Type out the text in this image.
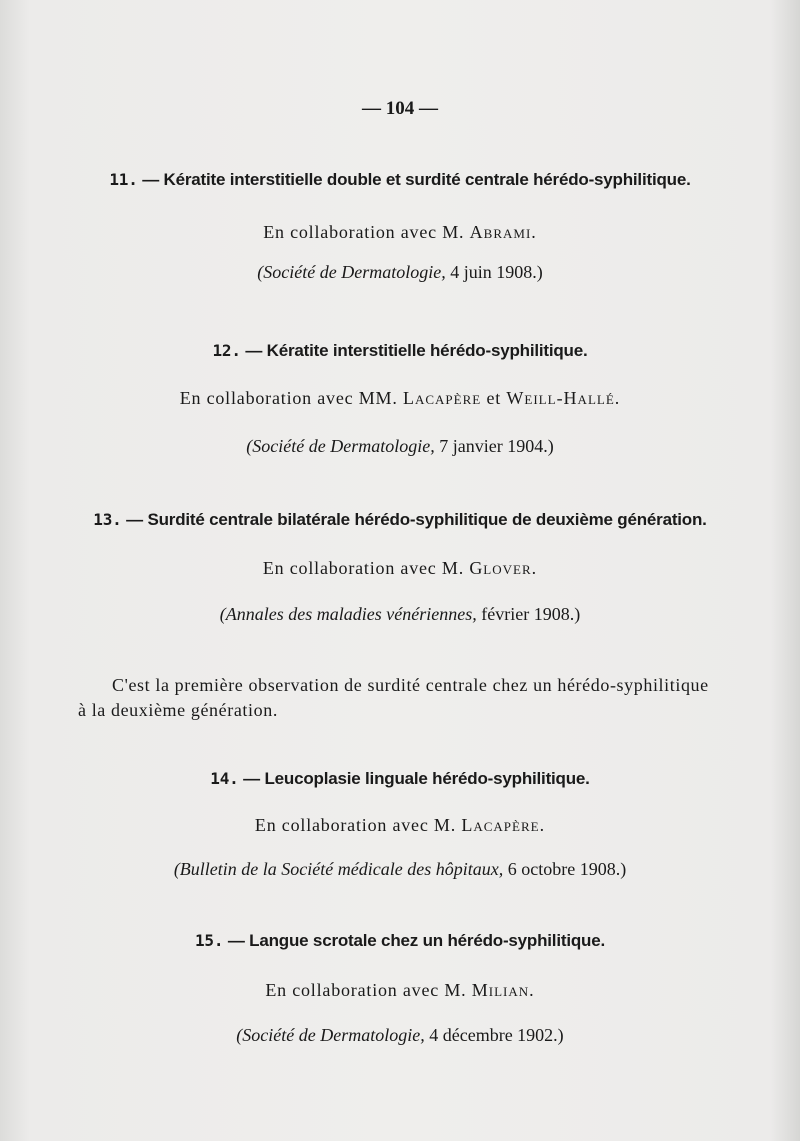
— 104 —
11. — Kératite interstitielle double et surdité centrale hérédo-syphilitique.
En collaboration avec M. Abrami.
(Société de Dermatologie, 4 juin 1908.)
12. — Kératite interstitielle hérédo-syphilitique.
En collaboration avec MM. Lacapère et Weill-Hallé.
(Société de Dermatologie, 7 janvier 1904.)
13. — Surdité centrale bilatérale hérédo-syphilitique de deuxième génération.
En collaboration avec M. Glover.
(Annales des maladies vénériennes, février 1908.)
C'est la première observation de surdité centrale chez un hérédo-syphilitique
à la deuxième génération.
14. — Leucoplasie linguale hérédo-syphilitique.
En collaboration avec M. Lacapère.
(Bulletin de la Société médicale des hôpitaux, 6 octobre 1908.)
15. — Langue scrotale chez un hérédo-syphilitique.
En collaboration avec M. Milian.
(Société de Dermatologie, 4 décembre 1902.)
